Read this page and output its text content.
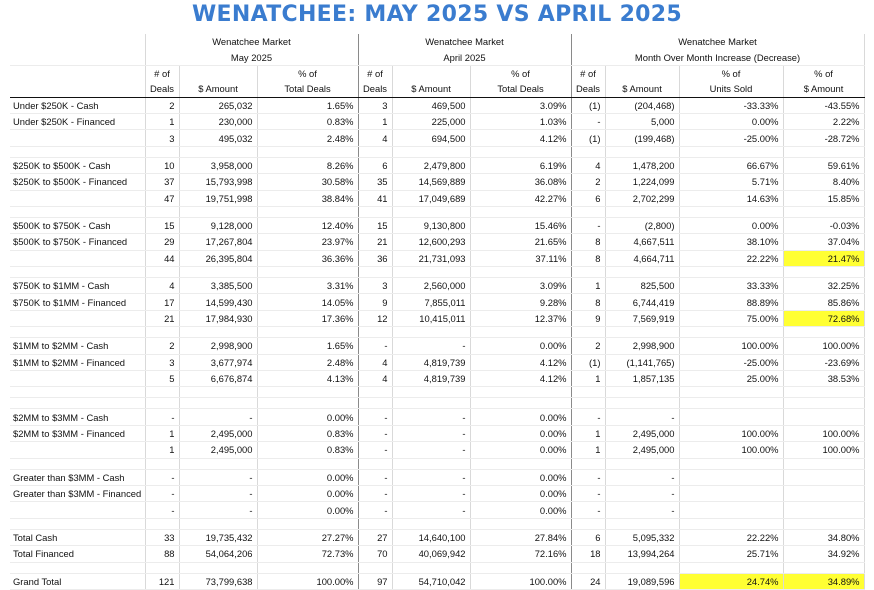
WENATCHEE: MAY 2025 VS APRIL 2025
	Wenatchee Market			Wenatchee Market			Wenatchee Market			
	May 2025			April 2025			Month Over Month Increase (Decrease)			
	# of		% of	# of		% of	# of		% of	% of
	Deals	$ Amount	Total Deals	Deals	$ Amount	Total Deals	Deals	$ Amount	Units Sold	$ Amount
Under $250K - Cash	2	265,032	1.65%	3	469,500	3.09%	(1)	(204,468)	-33.33%	-43.55%
Under $250K - Financed	1	230,000	0.83%	1	225,000	1.03%	-	5,000	0.00%	2.22%
	3	495,032	2.48%	4	694,500	4.12%	(1)	(199,468)	-25.00%	-28.72%

$250K to $500K - Cash	10	3,958,000	8.26%	6	2,479,800	6.19%	4	1,478,200	66.67%	59.61%
$250K to $500K - Financed	37	15,793,998	30.58%	35	14,569,889	36.08%	2	1,224,099	5.71%	8.40%
	47	19,751,998	38.84%	41	17,049,689	42.27%	6	2,702,299	14.63%	15.85%

$500K to $750K - Cash	15	9,128,000	12.40%	15	9,130,800	15.46%	-	(2,800)	0.00%	-0.03%
$500K to $750K - Financed	29	17,267,804	23.97%	21	12,600,293	21.65%	8	4,667,511	38.10%	37.04%
	44	26,395,804	36.36%	36	21,731,093	37.11%	8	4,664,711	22.22%	21.47%

$750K to $1MM - Cash	4	3,385,500	3.31%	3	2,560,000	3.09%	1	825,500	33.33%	32.25%
$750K to $1MM - Financed	17	14,599,430	14.05%	9	7,855,011	9.28%	8	6,744,419	88.89%	85.86%
	21	17,984,930	17.36%	12	10,415,011	12.37%	9	7,569,919	75.00%	72.68%

$1MM to $2MM - Cash	2	2,998,900	1.65%	-	-	0.00%	2	2,998,900	100.00%	100.00%
$1MM to $2MM - Financed	3	3,677,974	2.48%	4	4,819,739	4.12%	(1)	(1,141,765)	-25.00%	-23.69%
	5	6,676,874	4.13%	4	4,819,739	4.12%	1	1,857,135	25.00%	38.53%

$2MM to $3MM - Cash	-	-	0.00%	-	-	0.00%	-	-		
$2MM to $3MM - Financed	1	2,495,000	0.83%	-	-	0.00%	1	2,495,000	100.00%	100.00%
	1	2,495,000	0.83%	-	-	0.00%	1	2,495,000	100.00%	100.00%

Greater than $3MM - Cash	-	-	0.00%	-	-	0.00%	-	-		
Greater than $3MM - Financed	-	-	0.00%	-	-	0.00%	-	-		
	-	-	0.00%	-	-	0.00%	-	-		

Total Cash	33	19,735,432	27.27%	27	14,640,100	27.84%	6	5,095,332	22.22%	34.80%
Total Financed	88	54,064,206	72.73%	70	40,069,942	72.16%	18	13,994,264	25.71%	34.92%

Grand Total	121	73,799,638	100.00%	97	54,710,042	100.00%	24	19,089,596	24.74%	34.89%
